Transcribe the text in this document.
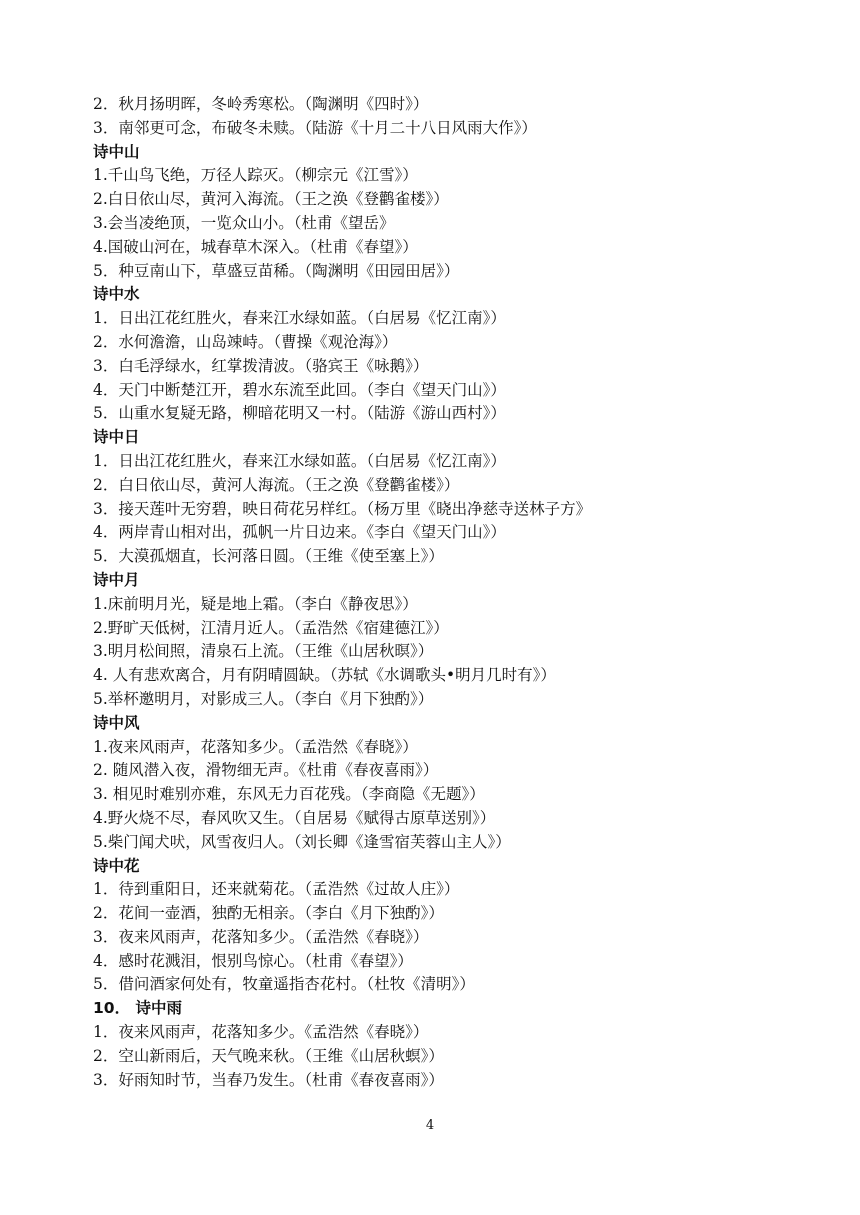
2．秋月扬明晖，冬岭秀寒松。（陶渊明《四时》）
3．南邻更可念，布破冬未赎。（陆游《十月二十八日风雨大作》）
诗中山
1.千山鸟飞绝，万径人踪灭。（柳宗元《江雪》）
2.白日依山尽，黄河入海流。（王之涣《登鹳雀楼》）
3.会当凌绝顶，一览众山小。（杜甫《望岳》
4.国破山河在，城春草木深入。（杜甫《春望》）
5．种豆南山下，草盛豆苗稀。（陶渊明《田园田居》）
诗中水
1．日出江花红胜火，春来江水绿如蓝。（白居易《忆江南》）
2．水何澹澹，山岛竦峙。（曹操《观沧海》）
3．白毛浮绿水，红掌拨清波。（骆宾王《咏鹅》）
4．天门中断楚江开，碧水东流至此回。（李白《望天门山》）
5．山重水复疑无路，柳暗花明又一村。（陆游《游山西村》）
诗中日
1．日出江花红胜火，春来江水绿如蓝。（白居易《忆江南》）
2．白日依山尽，黄河人海流。（王之涣《登鹳雀楼》）
3．接天莲叶无穷碧，映日荷花另样红。（杨万里《晓出净慈寺送林子方》
4．两岸青山相对出，孤帆一片日边来。《李白《望天门山》）
5．大漠孤烟直，长河落日圆。（王维《使至塞上》）
诗中月
1.床前明月光，疑是地上霜。（李白《静夜思》）
2.野旷天低树，江清月近人。（孟浩然《宿建德江》）
3.明月松间照，清泉石上流。（王维《山居秋暝》）
4. 人有悲欢离合，月有阴晴圆缺。（苏轼《水调歌头•明月几时有》）
5.举杯邀明月，对影成三人。（李白《月下独酌》）
诗中风
1.夜来风雨声，花落知多少。（孟浩然《春晓》）
2. 随风潜入夜，滑物细无声。《杜甫《春夜喜雨》）
3. 相见时难别亦难，东风无力百花残。（李商隐《无题》）
4.野火烧不尽，春风吹又生。（自居易《赋得古原草送别》）
5.柴门闻犬吠，风雪夜归人。（刘长卿《逢雪宿芙蓉山主人》）
诗中花
1．待到重阳日，还来就菊花。（孟浩然《过故人庄》）
2．花间一壶酒，独酌无相亲。（李白《月下独酌》）
3．夜来风雨声，花落知多少。（孟浩然《春晓》）
4．感时花溅泪，恨别鸟惊心。（杜甫《春望》）
5．借问酒家何处有，牧童遥指杏花村。（杜牧《清明》）
10． 诗中雨
1．夜来风雨声，花落知多少。《孟浩然《春晓》）
2．空山新雨后，天气晚来秋。（王维《山居秋螟》）
3．好雨知时节，当春乃发生。（杜甫《春夜喜雨》）
4
